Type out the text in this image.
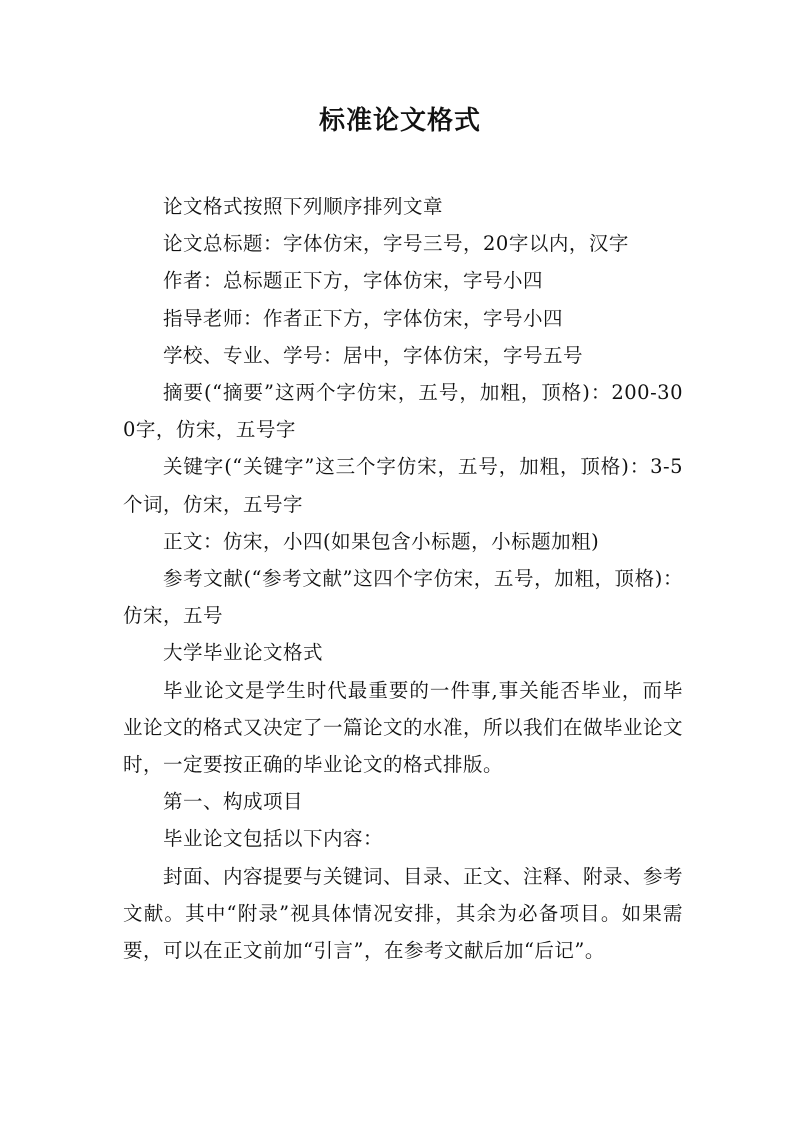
标准论文格式

论文格式按照下列顺序排列文章

论文总标题：字体仿宋，字号三号，20字以内，汉字

作者：总标题正下方，字体仿宋，字号小四

指导老师：作者正下方，字体仿宋，字号小四

学校、专业、学号：居中，字体仿宋，字号五号

摘要(“摘要”这两个字仿宋，五号，加粗，顶格)：200-300字，仿宋，五号字

关键字(“关键字”这三个字仿宋，五号，加粗，顶格)：3-5个词，仿宋，五号字

正文：仿宋，小四(如果包含小标题，小标题加粗)

参考文献(“参考文献”这四个字仿宋，五号，加粗，顶格)：仿宋，五号

大学毕业论文格式

毕业论文是学生时代最重要的一件事,事关能否毕业，而毕业论文的格式又决定了一篇论文的水准，所以我们在做毕业论文时，一定要按正确的毕业论文的格式排版。

第一、构成项目

毕业论文包括以下内容：

封面、内容提要与关键词、目录、正文、注释、附录、参考文献。其中“附录”视具体情况安排，其余为必备项目。如果需要，可以在正文前加“引言”，在参考文献后加“后记”。
